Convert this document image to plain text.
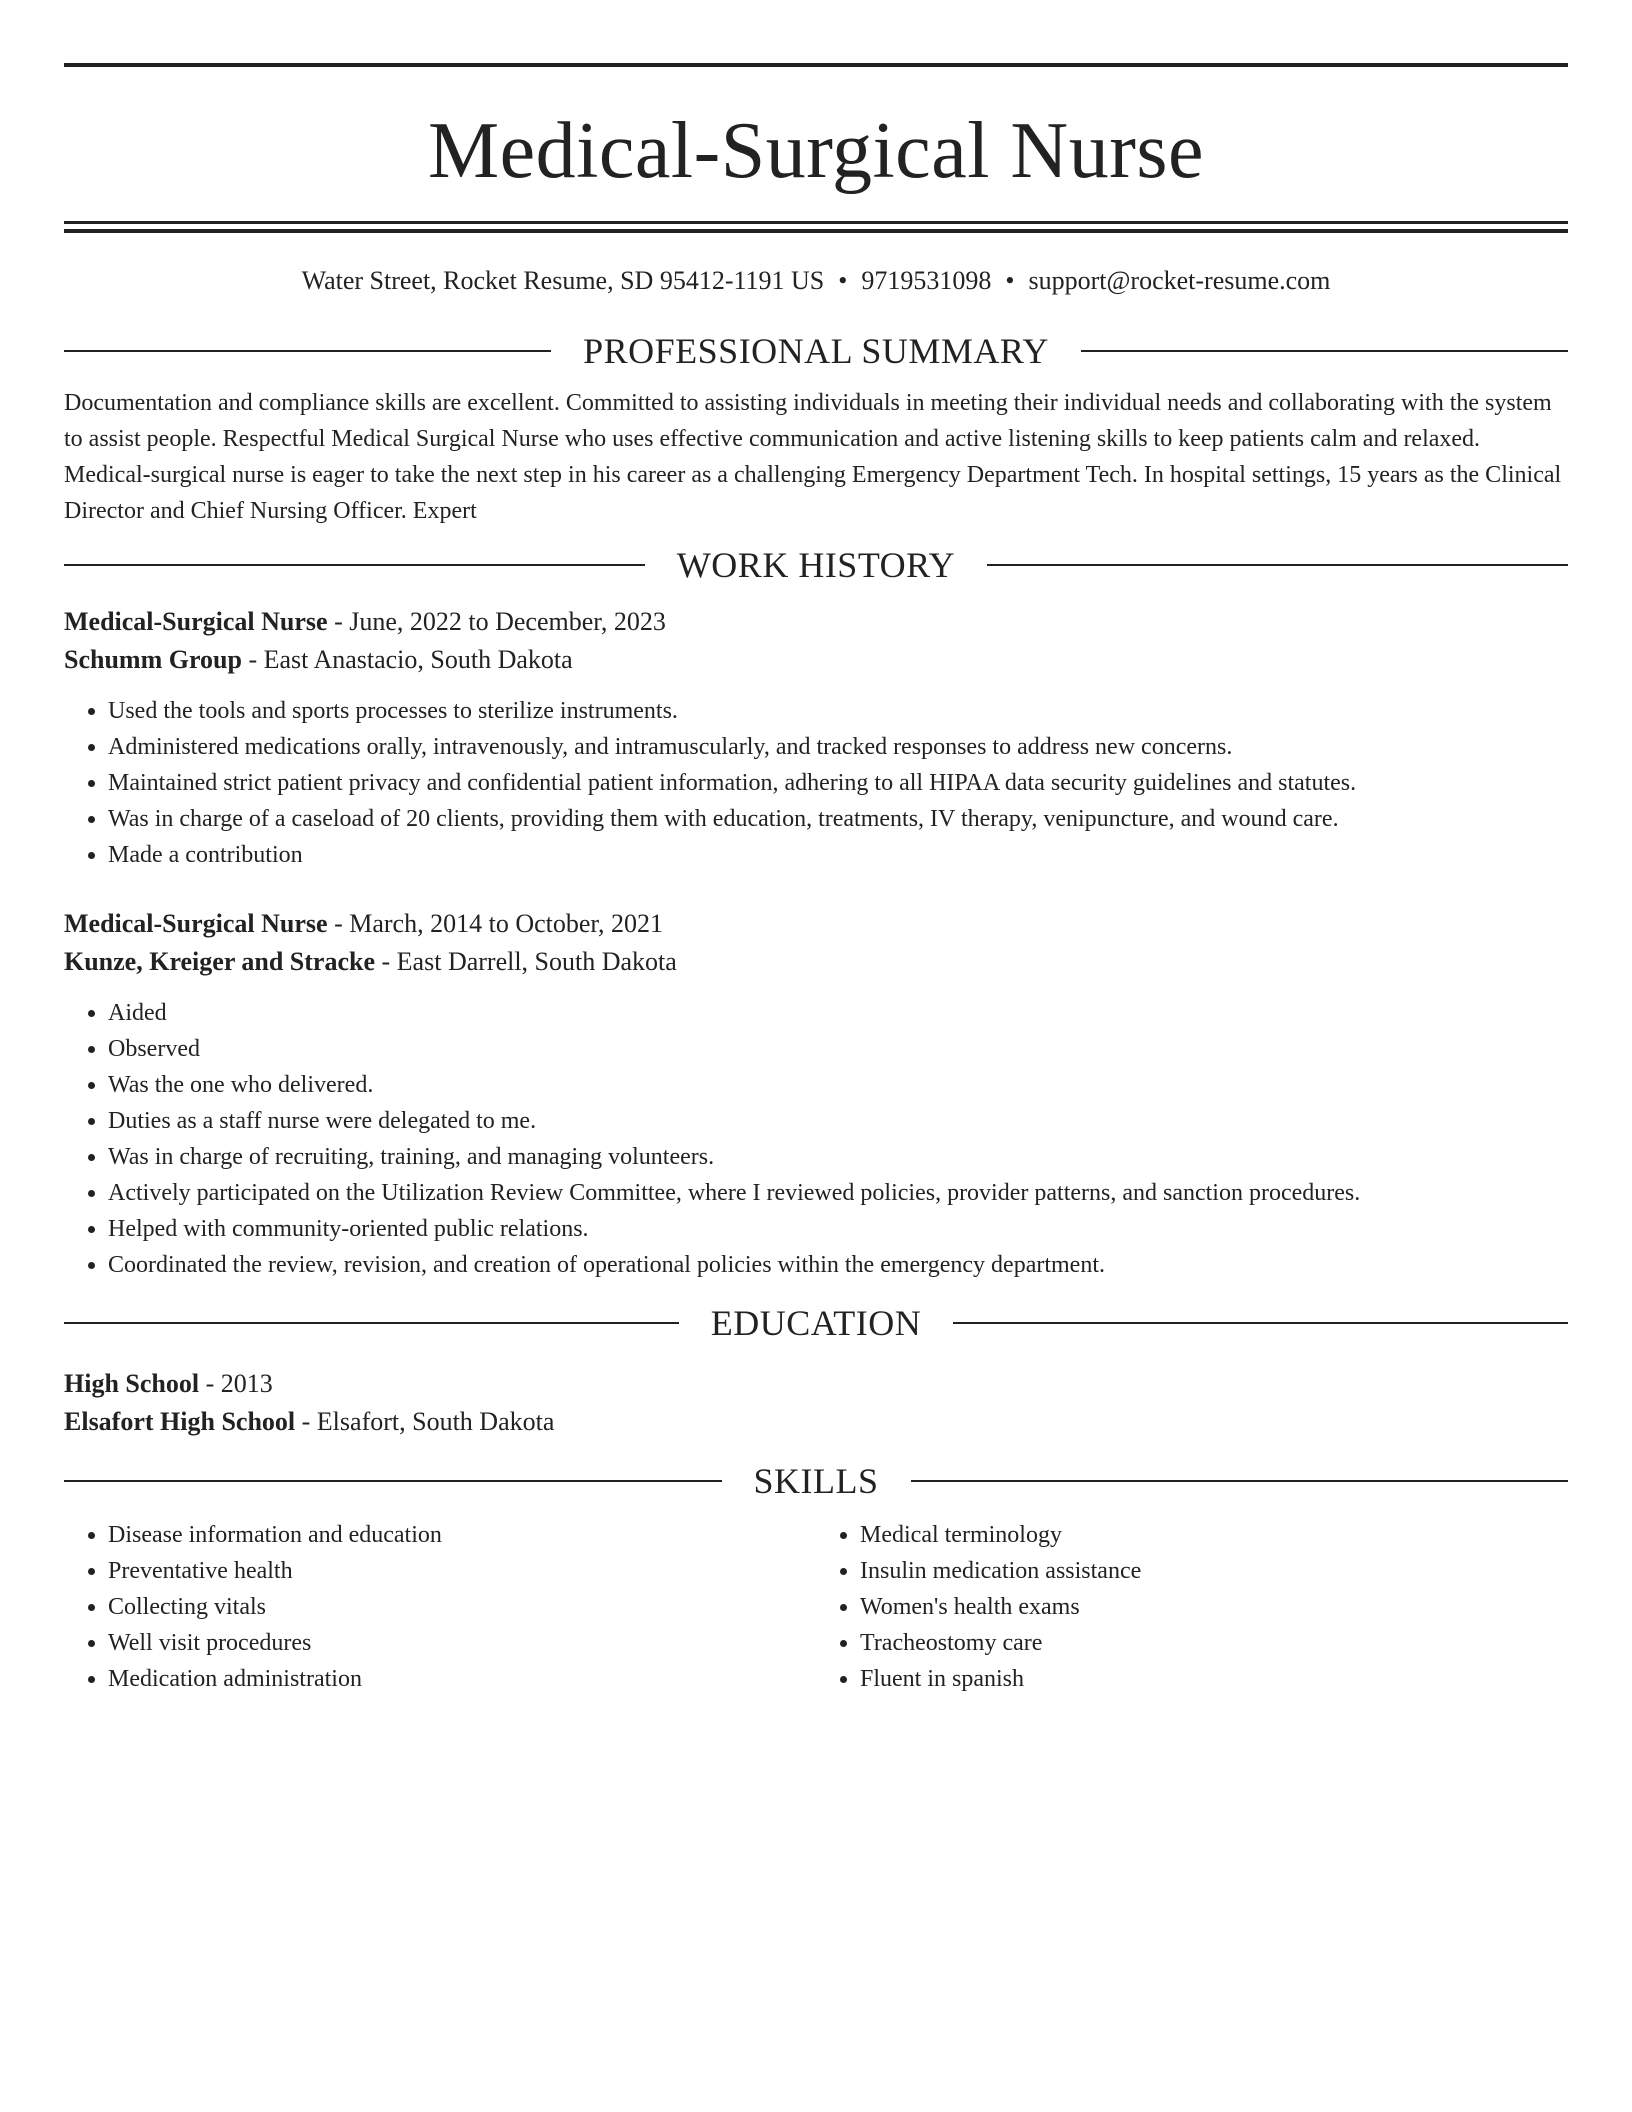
Medical-Surgical Nurse
Water Street, Rocket Resume, SD 95412-1191 US • 9719531098 • support@rocket-resume.com
PROFESSIONAL SUMMARY
Documentation and compliance skills are excellent. Committed to assisting individuals in meeting their individual needs and collaborating with the system to assist people. Respectful Medical Surgical Nurse who uses effective communication and active listening skills to keep patients calm and relaxed. Medical-surgical nurse is eager to take the next step in his career as a challenging Emergency Department Tech. In hospital settings, 15 years as the Clinical Director and Chief Nursing Officer. Expert
WORK HISTORY
Medical-Surgical Nurse - June, 2022 to December, 2023
Schumm Group - East Anastacio, South Dakota
• Used the tools and sports processes to sterilize instruments.
• Administered medications orally, intravenously, and intramuscularly, and tracked responses to address new concerns.
• Maintained strict patient privacy and confidential patient information, adhering to all HIPAA data security guidelines and statutes.
• Was in charge of a caseload of 20 clients, providing them with education, treatments, IV therapy, venipuncture, and wound care.
• Made a contribution
Medical-Surgical Nurse - March, 2014 to October, 2021
Kunze, Kreiger and Stracke - East Darrell, South Dakota
• Aided
• Observed
• Was the one who delivered.
• Duties as a staff nurse were delegated to me.
• Was in charge of recruiting, training, and managing volunteers.
• Actively participated on the Utilization Review Committee, where I reviewed policies, provider patterns, and sanction procedures.
• Helped with community-oriented public relations.
• Coordinated the review, revision, and creation of operational policies within the emergency department.
EDUCATION
High School - 2013
Elsafort High School - Elsafort, South Dakota
SKILLS
• Disease information and education
• Preventative health
• Collecting vitals
• Well visit procedures
• Medication administration
• Medical terminology
• Insulin medication assistance
• Women's health exams
• Tracheostomy care
• Fluent in spanish
